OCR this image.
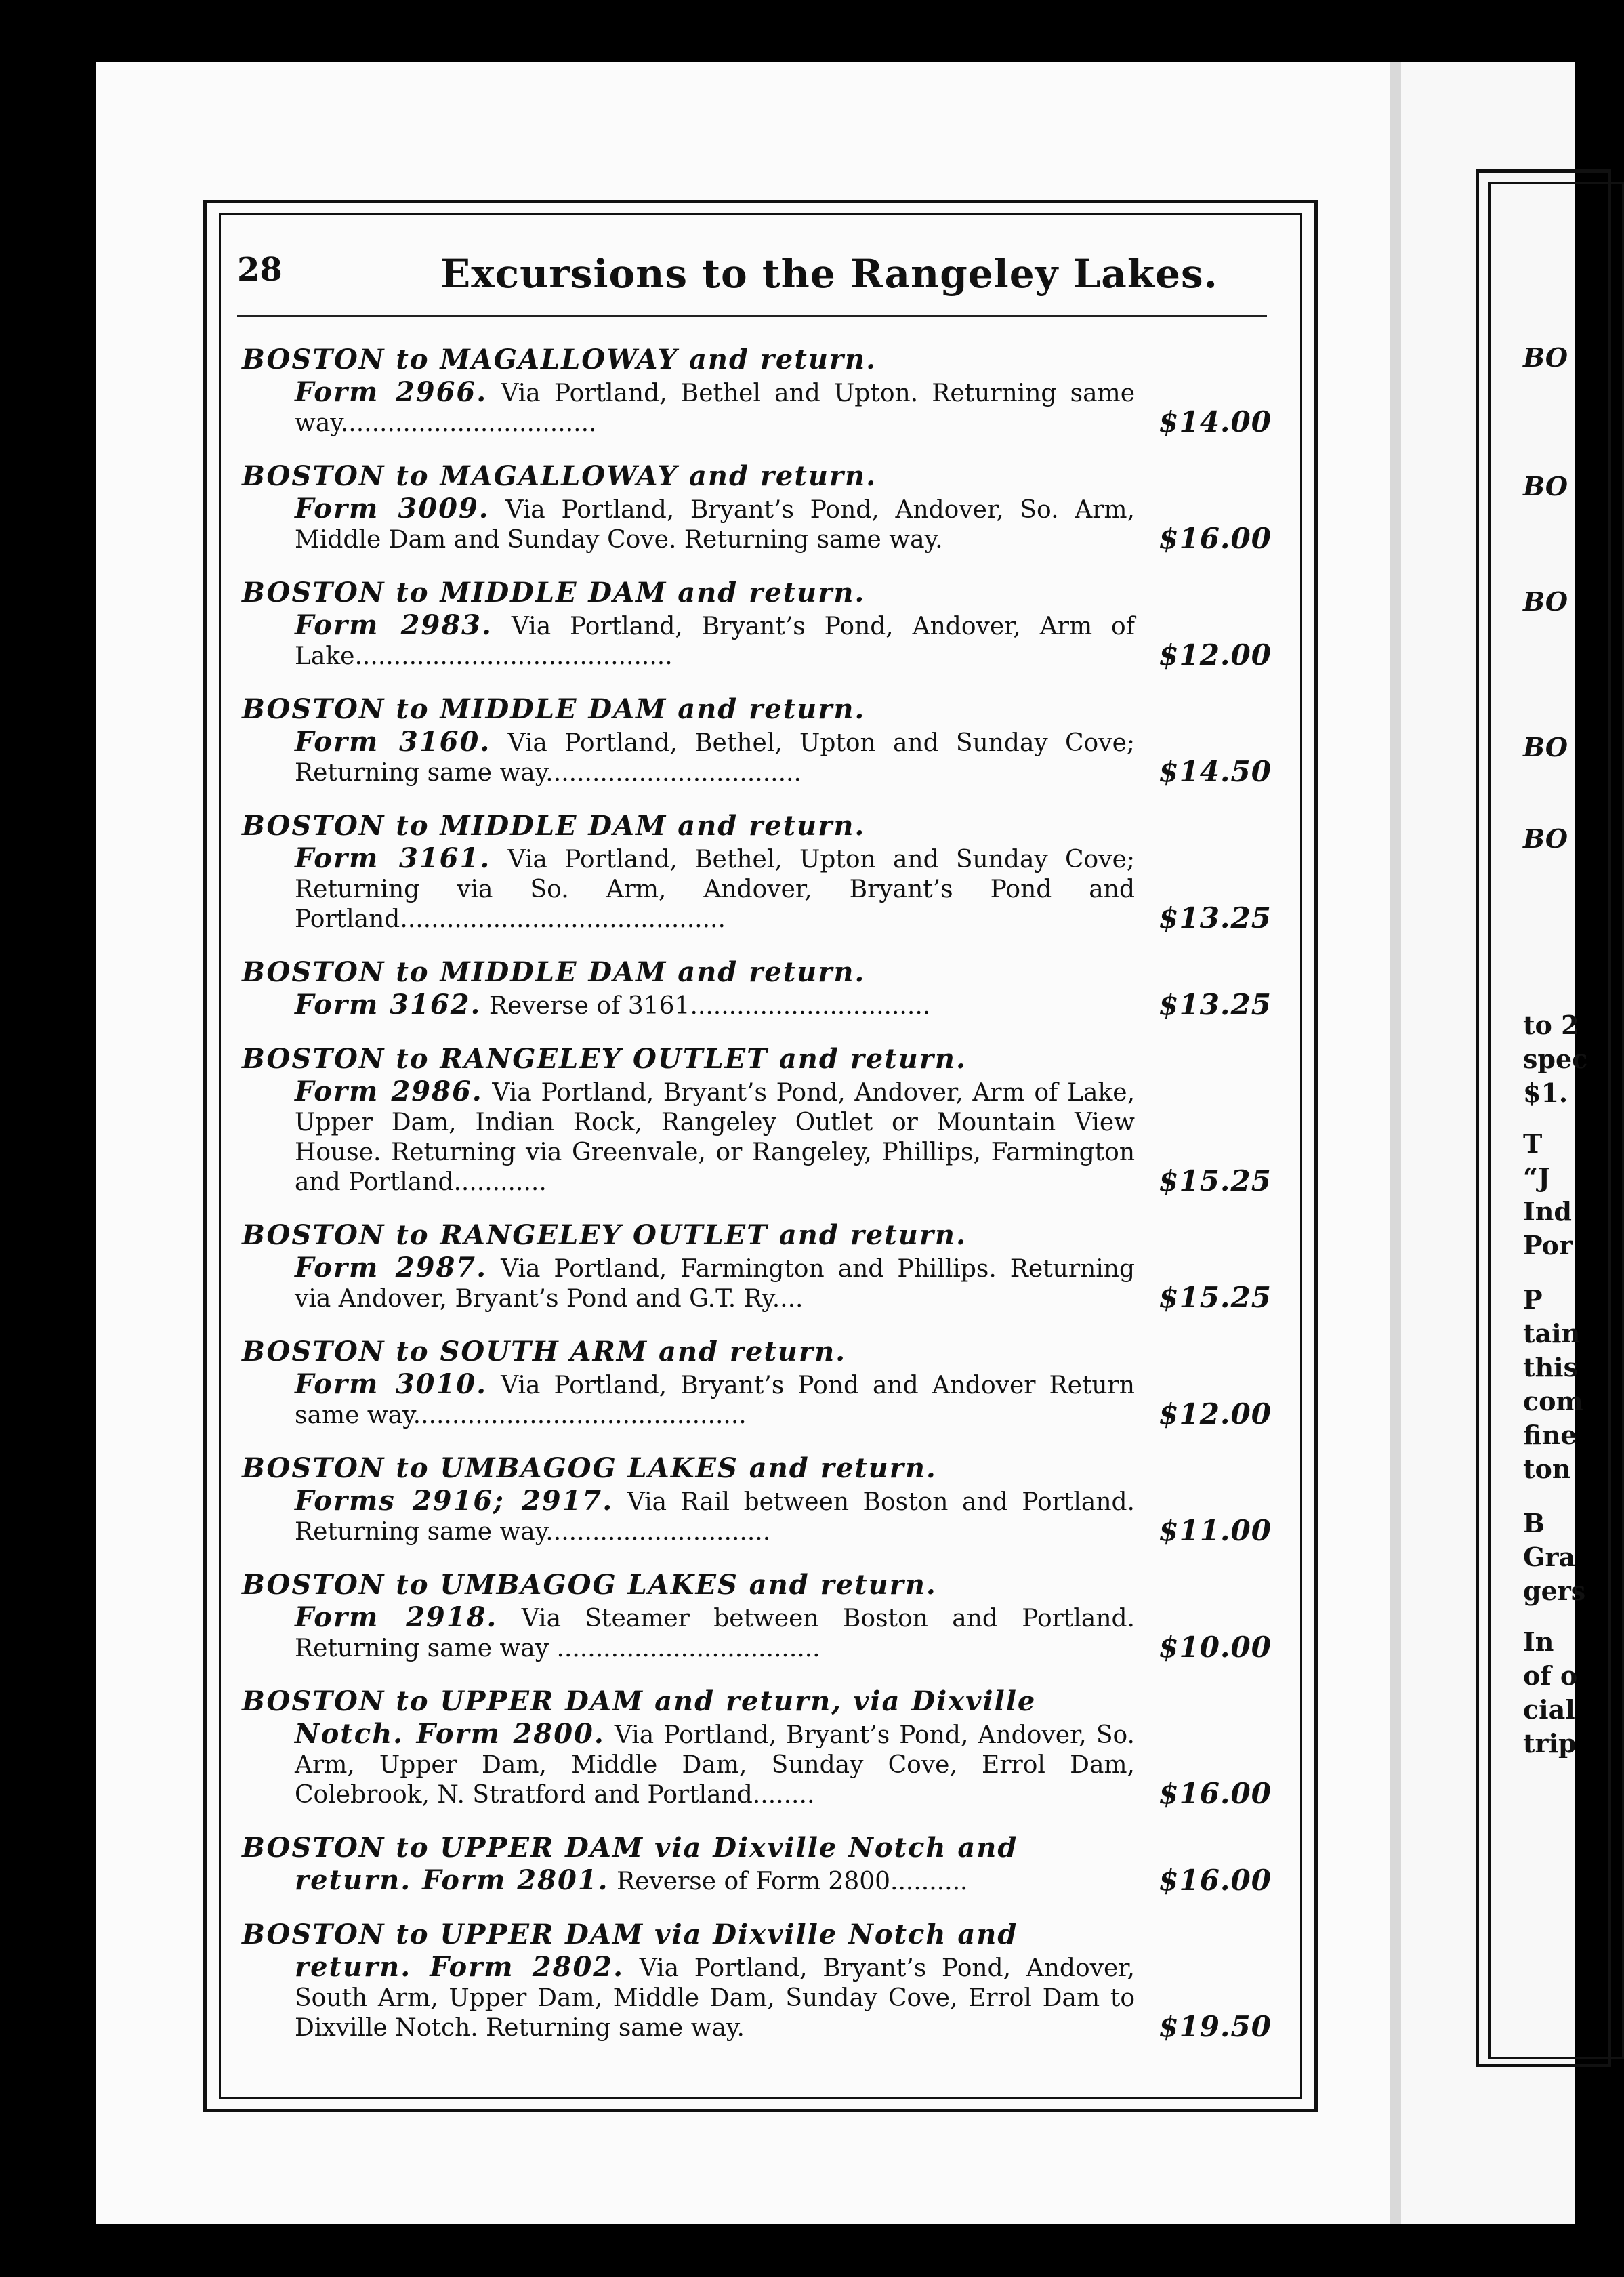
28	Excursions to the Rangeley Lakes.
BOSTON to MAGALLOWAY and return.
Form 2966. Via Portland, Bethel and Upton. Returning same way.................................	$14.00
BOSTON to MAGALLOWAY and return.
Form 3009. Via Portland, Bryant’s Pond, Andover, So. Arm, Middle Dam and Sunday Cove. Returning same way.	$16.00
BOSTON to MIDDLE DAM and return.
Form 2983. Via Portland, Bryant’s Pond, Andover, Arm of Lake.........................................	$12.00
BOSTON to MIDDLE DAM and return.
Form 3160. Via Portland, Bethel, Upton and Sunday Cove; Returning same way.................................	$14.50
BOSTON to MIDDLE DAM and return.
Form 3161. Via Portland, Bethel, Upton and Sunday Cove; Returning via So. Arm, Andover, Bryant’s Pond and Portland..........................................	$13.25
BOSTON to MIDDLE DAM and return.
Form 3162. Reverse of 3161...............................	$13.25
BOSTON to RANGELEY OUTLET and return.
Form 2986. Via Portland, Bryant’s Pond, Andover, Arm of Lake, Upper Dam, Indian Rock, Rangeley Outlet or Mountain View House. Returning via Greenvale, or Rangeley, Phillips, Farmington and Portland............	$15.25
BOSTON to RANGELEY OUTLET and return.
Form 2987. Via Portland, Farmington and Phillips. Returning via Andover, Bryant’s Pond and G.T. Ry....	$15.25
BOSTON to SOUTH ARM and return.
Form 3010. Via Portland, Bryant’s Pond and Andover Return same way...........................................	$12.00
BOSTON to UMBAGOG LAKES and return.
Forms 2916; 2917. Via Rail between Boston and Portland. Returning same way.............................	$11.00
BOSTON to UMBAGOG LAKES and return.
Form 2918. Via Steamer between Boston and Portland. Returning same way ..................................	$10.00
BOSTON to UPPER DAM and return, via Dixville
Notch. Form 2800. Via Portland, Bryant’s Pond, Andover, So. Arm, Upper Dam, Middle Dam, Sunday Cove, Errol Dam, Colebrook, N. Stratford and Portland........	$16.00
BOSTON to UPPER DAM via Dixville Notch and
return. Form 2801. Reverse of Form 2800..........	$16.00
BOSTON to UPPER DAM via Dixville Notch and
return. Form 2802. Via Portland, Bryant’s Pond, Andover, South Arm, Upper Dam, Middle Dam, Sunday Cove, Errol Dam to Dixville Notch. Returning same way.	$19.50
BO
BO
BO
BO
BO
to 2
spec
$1.
T
“J
Ind
Por
P
tain
this
com
fine
ton
B
Gra
gers
In
of o
cial
trip
